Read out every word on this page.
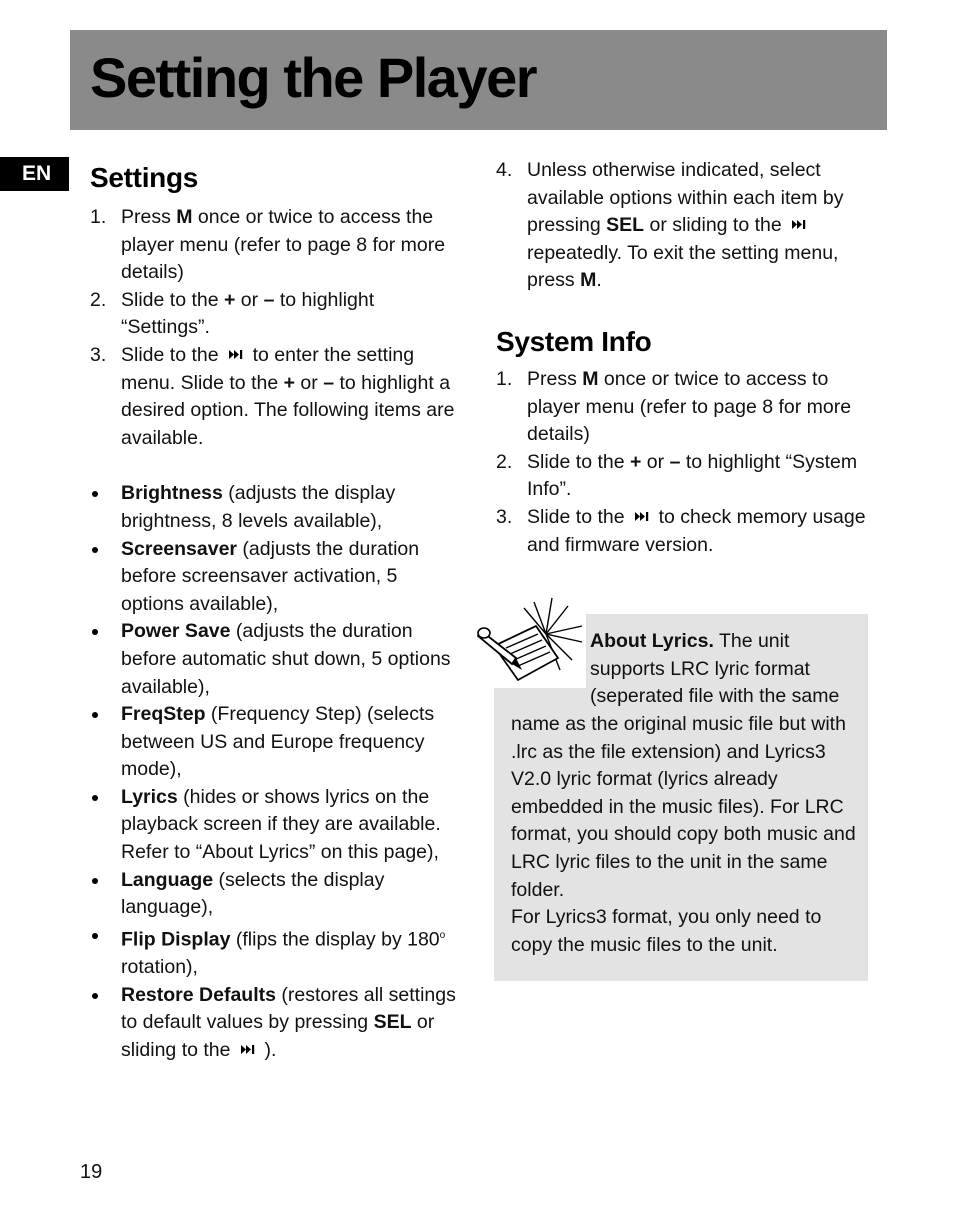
Setting the Player
EN	Settings
1. Press M once or twice to access the player menu (refer to page 8 for more details)
2. Slide to the + or – to highlight “Settings”.
3. Slide to the to enter the setting menu. Slide to the + or – to highlight a desired option. The following items are available.
Brightness (adjusts the display brightness, 8 levels available),
Screensaver (adjusts the duration before screensaver activation, 5 options available),
Power Save (adjusts the duration before automatic shut down, 5 options available),
FreqStep (Frequency Step) (selects between US and Europe frequency mode),
Lyrics (hides or shows lyrics on the playback screen if they are available. Refer to “About Lyrics” on this page),
Language (selects the display language),
Flip Display (flips the display by 180$^o$ rotation),
Restore Defaults (restores all settings to default values by pressing SEL or sliding to the ).
4. Unless otherwise indicated, select available options within each item by pressing SEL or sliding to the
repeatedly. To exit the setting menu, press M.
System Info
1. Press M once or twice to access to player menu (refer to page 8 for more details)
2. Slide to the + or – to highlight “System Info”.
3. Slide to the to check memory usage and firmware version.
About Lyrics. The unit supports LRC lyric format (seperated file with the same
name as the original music file but with .lrc as the file extension) and Lyrics3 V2.0 lyric format (lyrics already embedded in the music files). For LRC format, you should copy both music and LRC lyric files to the unit in the same folder.
For Lyrics3 format, you only need to copy the music files to the unit.
19
